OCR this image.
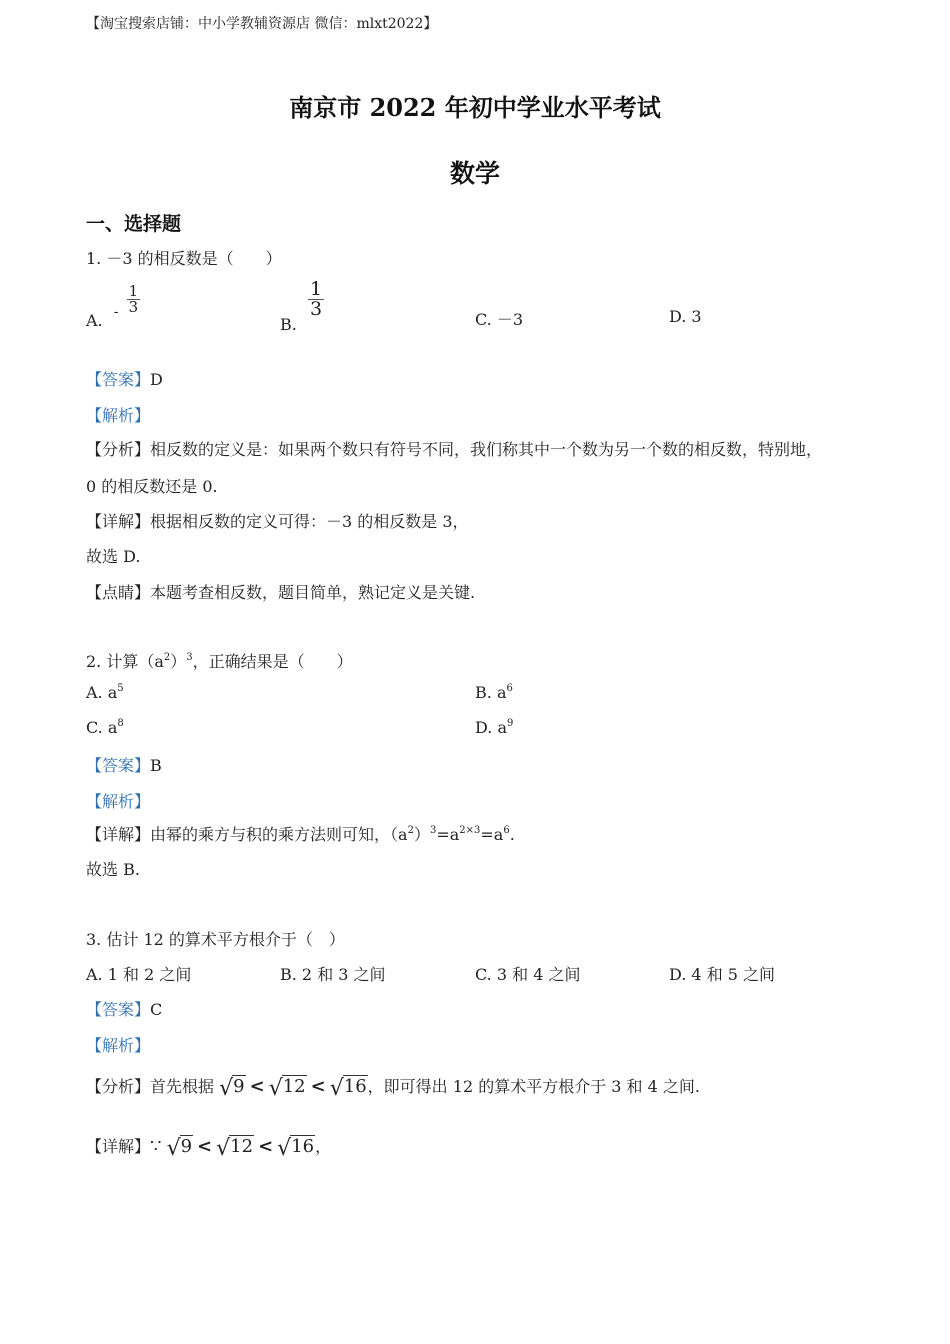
【淘宝搜索店铺：中小学教辅资源店 微信：mlxt2022】
南京市 2022 年初中学业水平考试
数学
一、选择题
1. －3 的相反数是（　　）
A. - $\frac{1}{3}$
B.
$\frac{1}{3}$
C. －3	D. 3
【答案】D
【解析】
【分析】相反数的定义是：如果两个数只有符号不同，我们称其中一个数为另一个数的相反数，特别地，
0 的相反数还是 0.
【详解】根据相反数的定义可得：－3 的相反数是 3，
故选 D.
【点睛】本题考查相反数，题目简单，熟记定义是关键.
2. 计算$(a^2)^3$，正确结果是（　　）
A. $a^5$	B. $a^6$
C. $a^8$	D. $a^9$
【答案】B
【解析】
【详解】由幂的乘方与积的乘方法则可知，$(a^2)^3=a^{2\times 3}=a^6$.
故选 B.
3. 估计 12 的算术平方根介于（　）
A. 1 和 2 之间	B. 2 和 3 之间	C. 3 和 4 之间	D. 4 和 5 之间
【答案】C
【解析】
【分析】首先根据 √9 < √12 < √16，即可得出 12 的算术平方根介于 3 和 4 之间.
【详解】∵ √9 < √12 < √16，
